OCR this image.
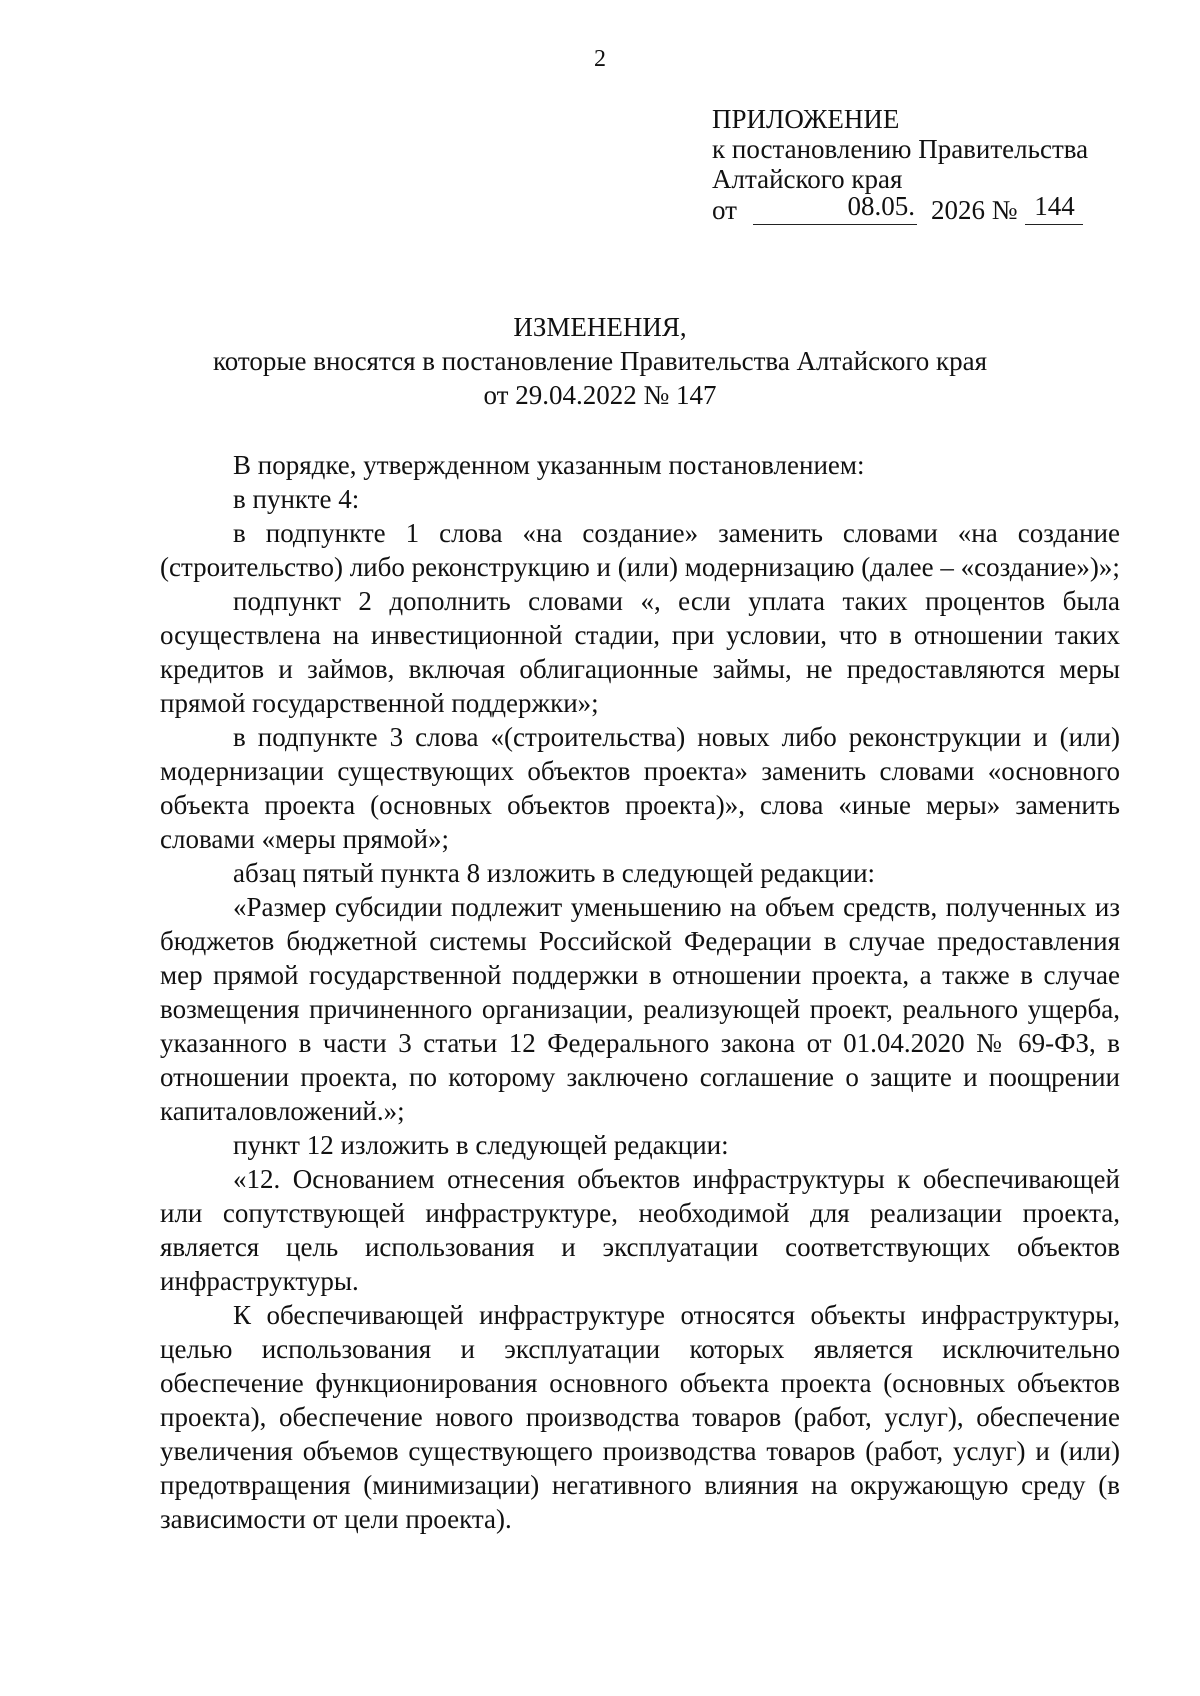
2
ПРИЛОЖЕНИЕ
к постановлению Правительства
Алтайского края
от	08.05. 2026 № 144
ИЗМЕНЕНИЯ,
которые вносятся в постановление Правительства Алтайского края
от 29.04.2022 № 147

В порядке, утвержденном указанным постановлением:

в пункте 4:

в подпункте 1 слова «на создание» заменить словами «на создание (строительство) либо реконструкцию и (или) модернизацию (далее – «создание»)»;

подпункт 2 дополнить словами «, если уплата таких процентов была осуществлена на инвестиционной стадии, при условии, что в отношении таких кредитов и займов, включая облигационные займы, не предоставляются меры прямой государственной поддержки»;

в подпункте 3 слова «(строительства) новых либо реконструкции и (или) модернизации существующих объектов проекта» заменить словами «основного объекта проекта (основных объектов проекта)», слова «иные меры» заменить словами «меры прямой»;

абзац пятый пункта 8 изложить в следующей редакции:

«Размер субсидии подлежит уменьшению на объем средств, полученных из бюджетов бюджетной системы Российской Федерации в случае предоставления мер прямой государственной поддержки в отношении проекта, а также в случае возмещения причиненного организации, реализующей проект, реального ущерба, указанного в части 3 статьи 12 Федерального закона от 01.04.2020 № 69-ФЗ, в отношении проекта, по которому заключено соглашение о защите и поощрении капиталовложений.»;

пункт 12 изложить в следующей редакции:

«12. Основанием отнесения объектов инфраструктуры к обеспечивающей или сопутствующей инфраструктуре, необходимой для реализации проекта, является цель использования и эксплуатации соответствующих объектов инфраструктуры.

К обеспечивающей инфраструктуре относятся объекты инфраструктуры, целью использования и эксплуатации которых является исключительно обеспечение функционирования основного объекта проекта (основных объектов проекта), обеспечение нового производства товаров (работ, услуг), обеспечение увеличения объемов существующего производства товаров (работ, услуг) и (или) предотвращения (минимизации) негативного влияния на окружающую среду (в зависимости от цели проекта).
